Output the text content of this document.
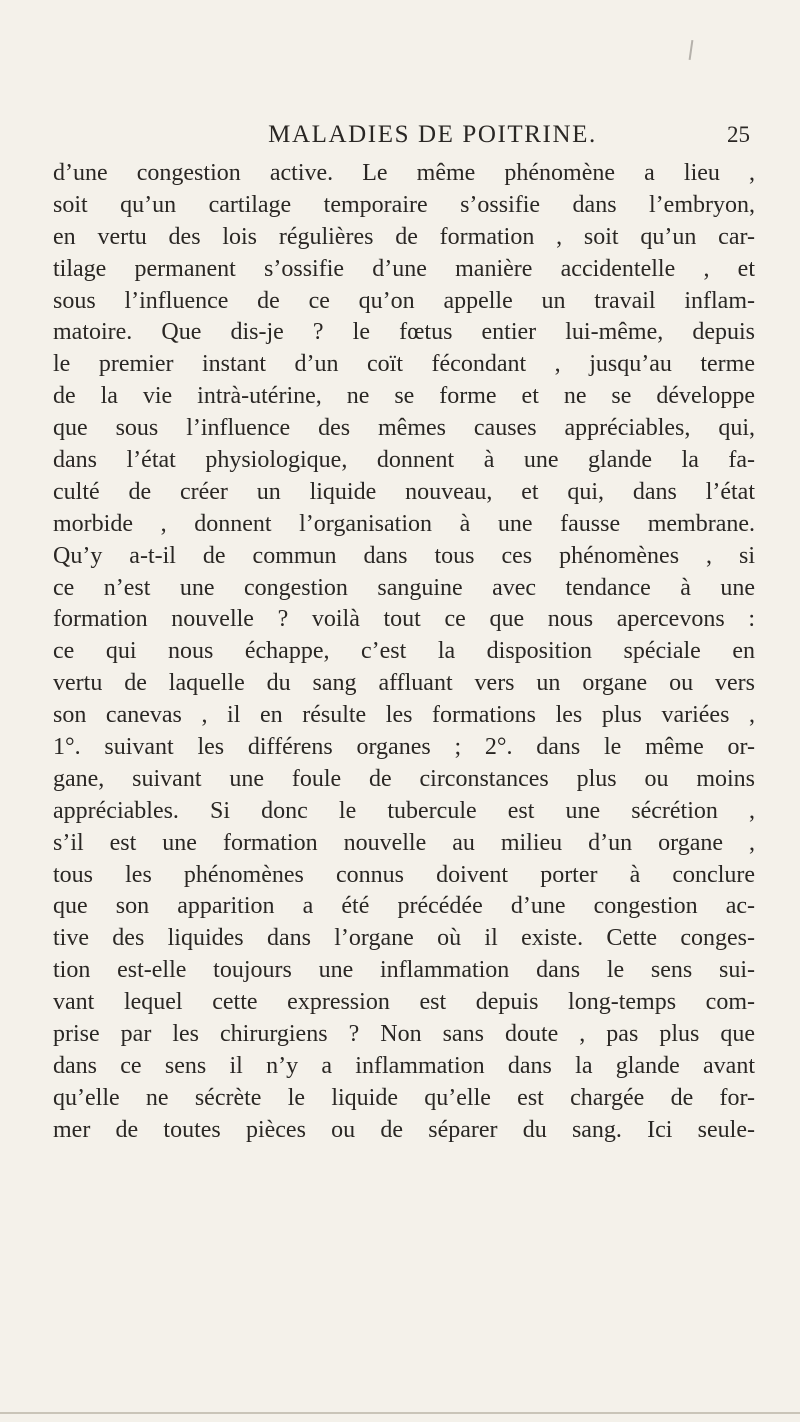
MALADIES DE POITRINE.	25
d’une congestion active. Le même phénomène a lieu ,
soit qu’un cartilage temporaire s’ossifie dans l’embryon,
en vertu des lois régulières de formation , soit qu’un car-
tilage permanent s’ossifie d’une manière accidentelle , et
sous l’influence de ce qu’on appelle un travail inflam-
matoire. Que dis-je ? le fœtus entier lui-même, depuis
le premier instant d’un coït fécondant , jusqu’au terme
de la vie intrà-utérine, ne se forme et ne se développe
que sous l’influence des mêmes causes appréciables, qui,
dans l’état physiologique, donnent à une glande la fa-
culté de créer un liquide nouveau, et qui, dans l’état
morbide , donnent l’organisation à une fausse membrane.
Qu’y a-t-il de commun dans tous ces phénomènes , si
ce n’est une congestion sanguine avec tendance à une
formation nouvelle ? voilà tout ce que nous apercevons :
ce qui nous échappe, c’est la disposition spéciale en
vertu de laquelle du sang affluant vers un organe ou vers
son canevas , il en résulte les formations les plus variées ,
1°. suivant les différens organes ; 2°. dans le même or-
gane, suivant une foule de circonstances plus ou moins
appréciables. Si donc le tubercule est une sécrétion ,
s’il est une formation nouvelle au milieu d’un organe ,
tous les phénomènes connus doivent porter à conclure
que son apparition a été précédée d’une congestion ac-
tive des liquides dans l’organe où il existe. Cette conges-
tion est-elle toujours une inflammation dans le sens sui-
vant lequel cette expression est depuis long-temps com-
prise par les chirurgiens ? Non sans doute , pas plus que
dans ce sens il n’y a inflammation dans la glande avant
qu’elle ne sécrète le liquide qu’elle est chargée de for-
mer de toutes pièces ou de séparer du sang. Ici seule-
